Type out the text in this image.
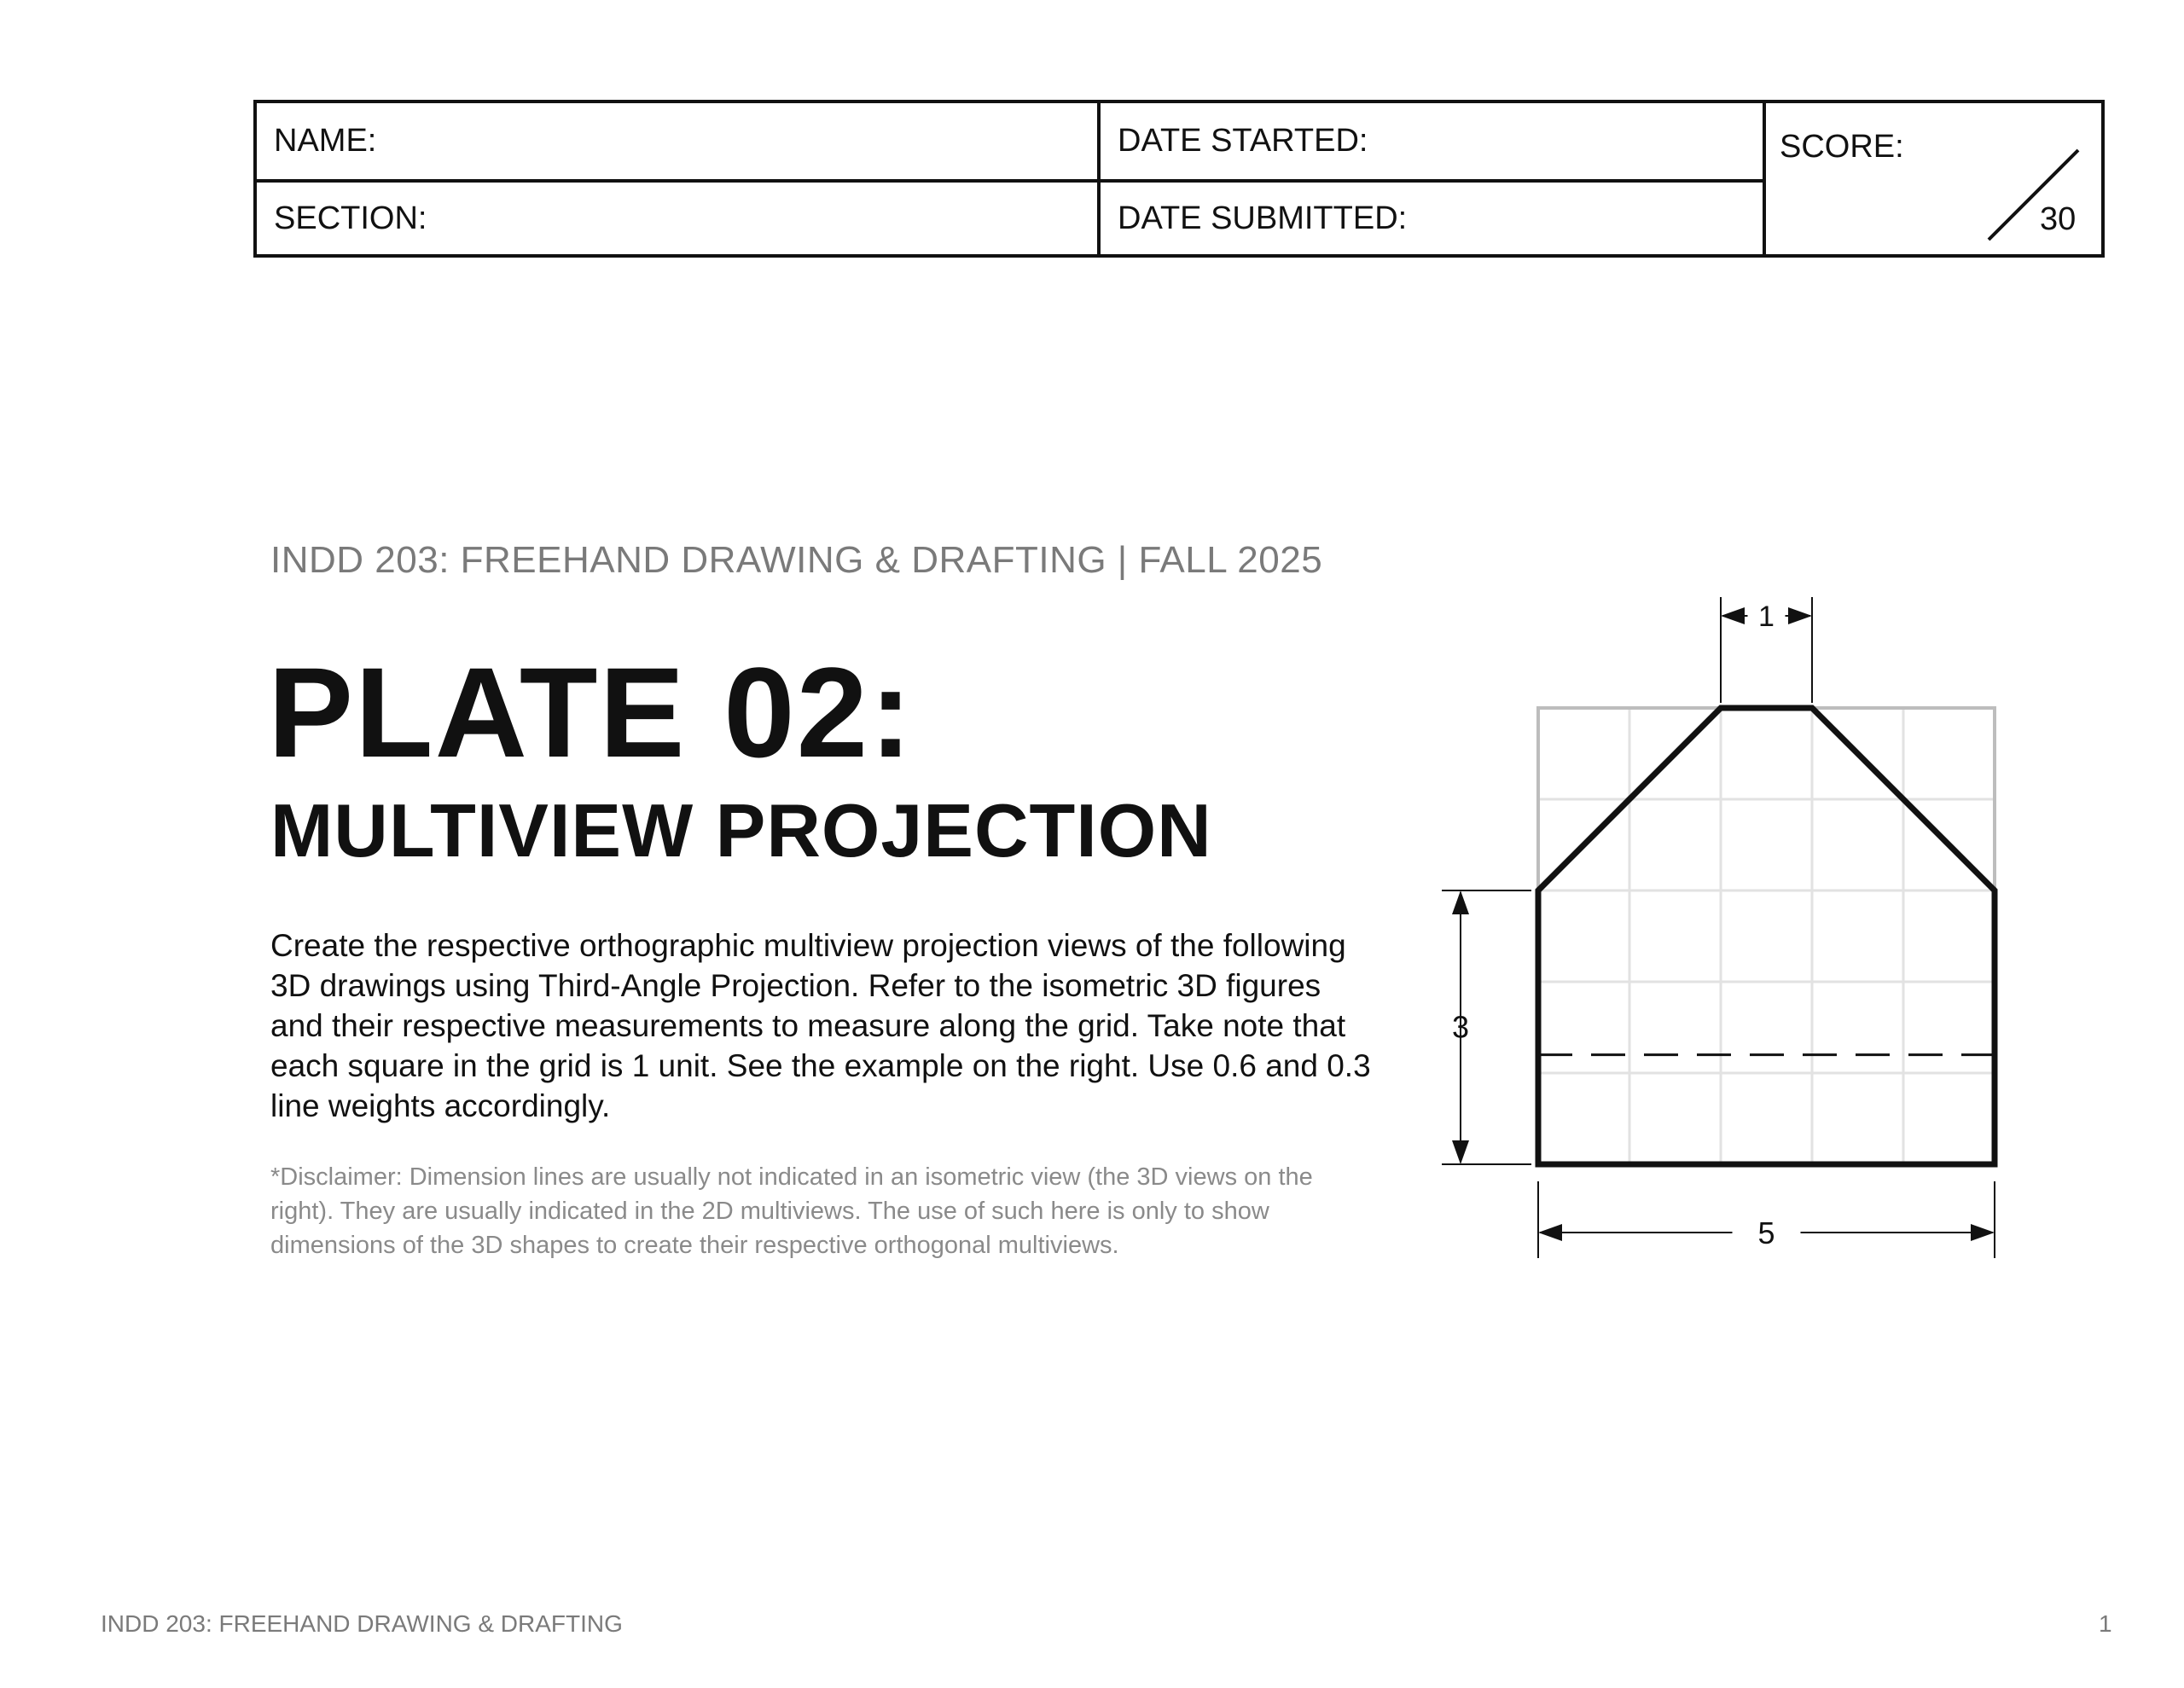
NAME:
SECTION:
DATE STARTED:
DATE SUBMITTED:
SCORE:
30
INDD 203: FREEHAND DRAWING & DRAFTING | FALL 2025
PLATE 02:
MULTIVIEW PROJECTION
Create the respective orthographic multiview projection views of the following 3D drawings using Third-Angle Projection. Refer to the isometric 3D figures and their respective measurements to measure along the grid. Take note that each square in the grid is 1 unit. See the example on the right. Use 0.6 and 0.3 line weights accordingly.
*Disclaimer: Dimension lines are usually not indicated in an isometric view (the 3D views on the right). They are usually indicated in the 2D multiviews. The use of such here is only to show dimensions of the 3D shapes to create their respective orthogonal multiviews.
1
3
5
INDD 203: FREEHAND DRAWING & DRAFTING	1
